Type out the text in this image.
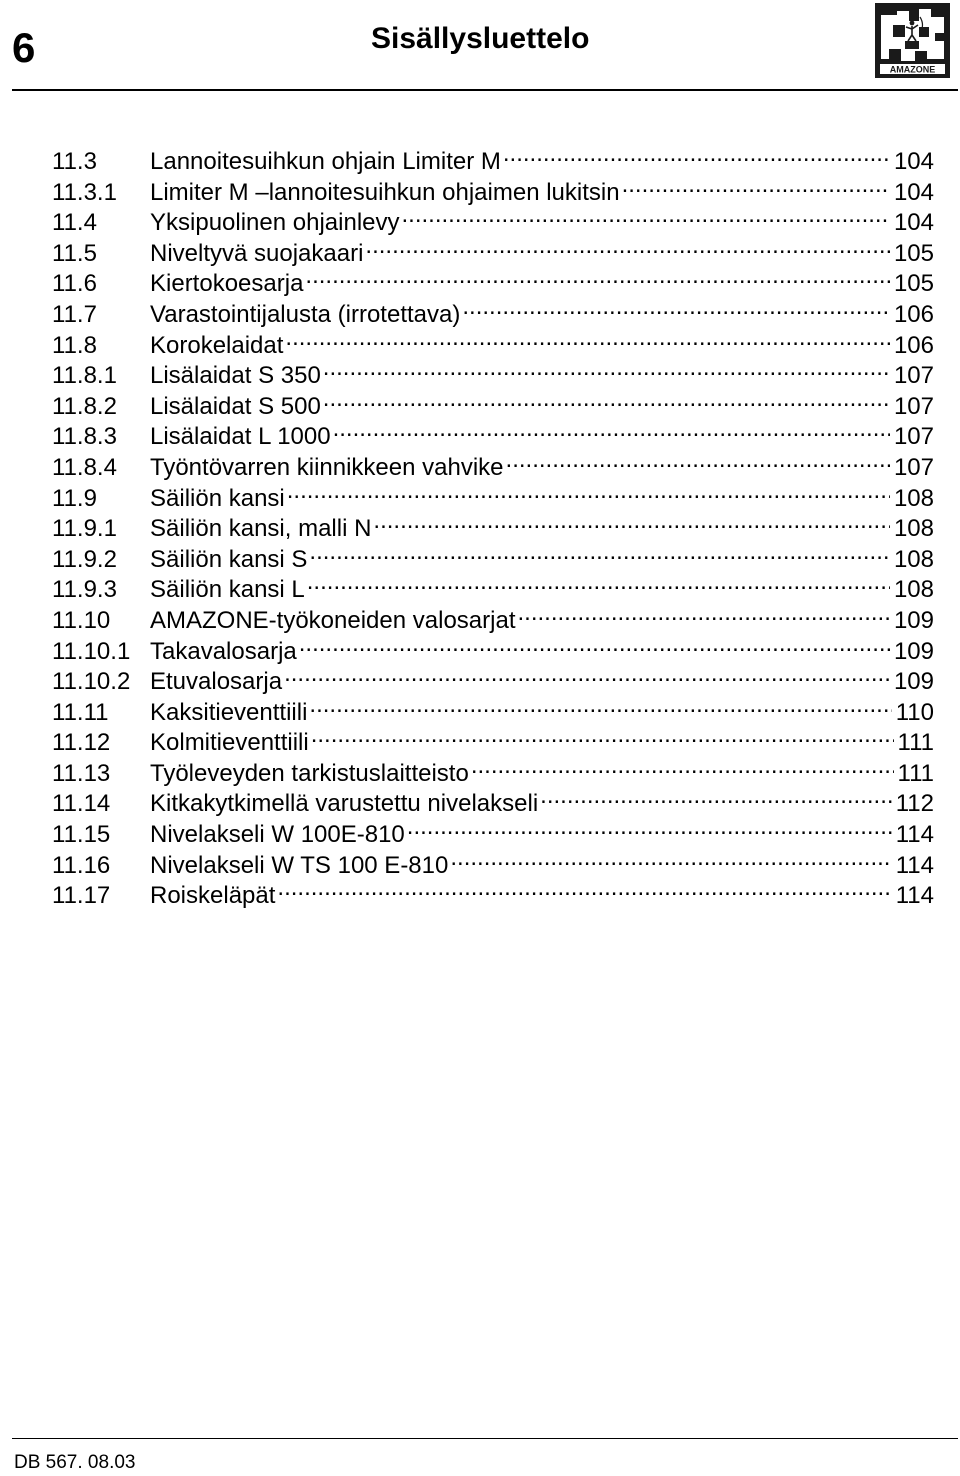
6	Sisällysluettelo
AMAZONE
11.3	Lannoitesuihkun ohjain Limiter M .....	104
11.3.1	Limiter M –lannoitesuihkun ohjaimen lukitsin .....	104
11.4	Yksipuolinen ohjainlevy .....	104
11.5	Niveltyvä suojakaari .....	105
11.6	Kiertokoesarja .....	105
11.7	Varastointijalusta (irrotettava) .....	106
11.8	Korokelaidat .....	106
11.8.1	Lisälaidat S 350 .....	107
11.8.2	Lisälaidat S 500 .....	107
11.8.3	Lisälaidat L 1000 .....	107
11.8.4	Työntövarren kiinnikkeen vahvike .....	107
11.9	Säiliön kansi .....	108
11.9.1	Säiliön kansi, malli N .....	108
11.9.2	Säiliön kansi S .....	108
11.9.3	Säiliön kansi L .....	108
11.10	AMAZONE-työkoneiden valosarjat .....	109
11.10.1 Takavalosarja .....	109
11.10.2 Etuvalosarja .....	109
11.11	Kaksitieventtiili .....	110
11.12	Kolmitieventtiili .....	111
11.13	Työleveyden tarkistuslaitteisto .....	111
11.14	Kitkakytkimellä varustettu nivelakseli .....	112
11.15	Nivelakseli W 100E-810 .....	114
11.16	Nivelakseli W TS 100 E-810 .....	114
11.17	Roiskeläpät .....	114
DB 567. 08.03
